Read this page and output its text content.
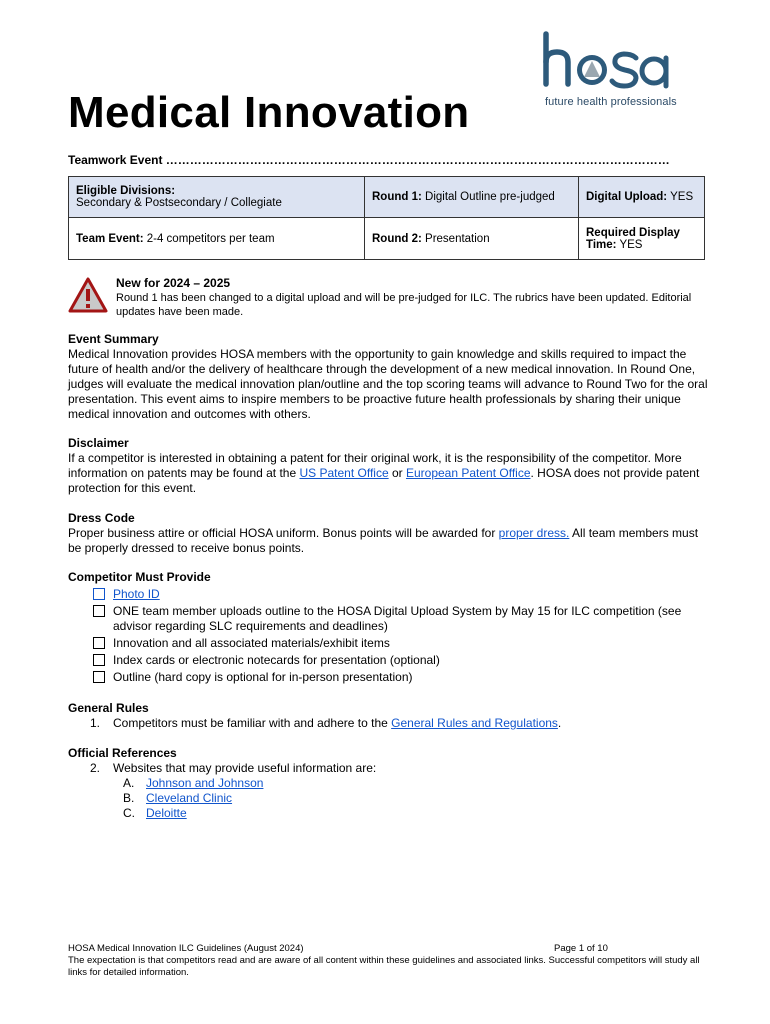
future health professionals
Medical Innovation
Teamwork Event ………………………………………………………………………………………………………………
Eligible Divisions:
Secondary & Postsecondary / Collegiate	Round 1: Digital Outline pre-judged	Digital Upload: YES
Team Event: 2-4 competitors per team	Round 2: Presentation	Required Display Time: YES
New for 2024 – 2025
Round 1 has been changed to a digital upload and will be pre-judged for ILC. The rubrics have been updated. Editorial updates have been made.
Event Summary
Medical Innovation provides HOSA members with the opportunity to gain knowledge and skills required to impact the future of health and/or the delivery of healthcare through the development of a new medical innovation. In Round One, judges will evaluate the medical innovation plan/outline and the top scoring teams will advance to Round Two for the oral presentation. This event aims to inspire members to be proactive future health professionals by sharing their unique medical innovation and outcomes with others.
Disclaimer
If a competitor is interested in obtaining a patent for their original work, it is the responsibility of the competitor. More information on patents may be found at the US Patent Office or European Patent Office. HOSA does not provide patent protection for this event.
Dress Code
Proper business attire or official HOSA uniform. Bonus points will be awarded for proper dress. All team members must be properly dressed to receive bonus points.
Competitor Must Provide
Photo ID
ONE team member uploads outline to the HOSA Digital Upload System by May 15 for ILC competition (see advisor regarding SLC requirements and deadlines)
Innovation and all associated materials/exhibit items
Index cards or electronic notecards for presentation (optional)
Outline (hard copy is optional for in-person presentation)
General Rules
1. Competitors must be familiar with and adhere to the General Rules and Regulations.
Official References
2. Websites that may provide useful information are:
A. Johnson and Johnson
B. Cleveland Clinic
C. Deloitte
HOSA Medical Innovation ILC Guidelines (August 2024)	Page 1 of 10
The expectation is that competitors read and are aware of all content within these guidelines and associated links. Successful competitors will study all links for detailed information.
